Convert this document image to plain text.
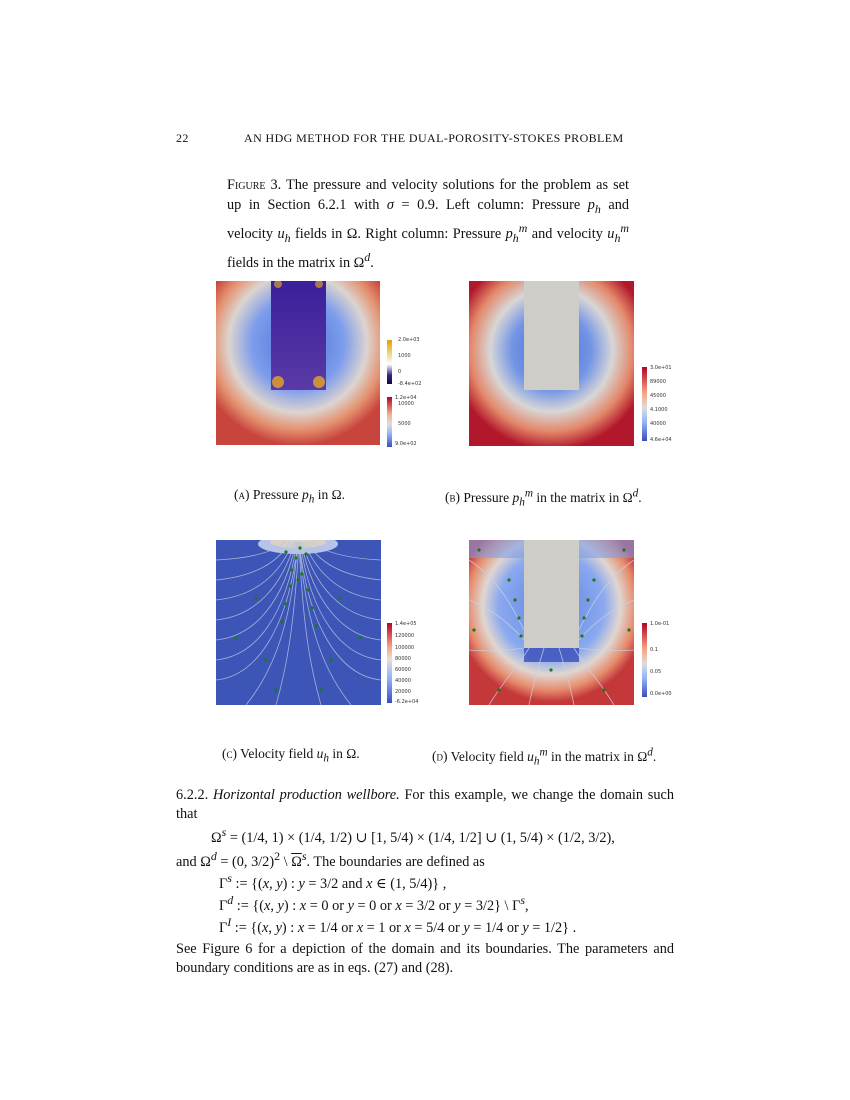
22	AN HDG METHOD FOR THE DUAL-POROSITY-STOKES PROBLEM
Figure 3. The pressure and velocity solutions for the problem as set up in Section 6.2.1 with σ = 0.9. Left column: Pressure $p_h$ and velocity $u_h$ fields in Ω. Right column: Pressure $p_h^m$ and velocity $u_h^m$ fields in the matrix in $\Omega^d$.
2.0e+03
1000
0
-8.4e+02
1.2e+04
10000
5000
9.0e+02
3.0e+01
89000
45000
4.1000
40000
4.6e+04
(a) Pressure $p_h$ in Ω.	(b) Pressure $p_h^m$ in the matrix in $\Omega^d$.
1.4e+05
120000
100000
80000
60000
40000
20000
-6.2e+04
1.0e-01
0.1
0.05
0.0e+00
(c) Velocity field $u_h$ in Ω.	(d) Velocity field $u_h^m$ in the matrix in $\Omega^d$.
6.2.2. Horizontal production wellbore. For this example, we change the domain such that
$\Omega^s = (1/4$, 1) × (1/4, 1/2) ∪ [1, 5/4) × (1/4, 1/2] ∪ (1, 5/4) × (1/2, 3/2),
and $\Omega^d = (0$, 3/2)$^2$ \ $\overline{\Omega}^s$. The boundaries are defined as
$\Gamma^s$ := {(x, y) : y = 3/2 and x ∈ (1, 5/4)} ,
$\Gamma^d$ := {(x, y) : x = 0 or y = 0 or x = 3/2 or y = 3/2} \ $\Gamma^s$,
$\Gamma^I$ := {(x, y) : x = 1/4 or x = 1 or x = 5/4 or y = 1/4 or y = 1/2} .
See Figure 6 for a depiction of the domain and its boundaries. The parameters and boundary conditions are as in eqs. (27) and (28).
